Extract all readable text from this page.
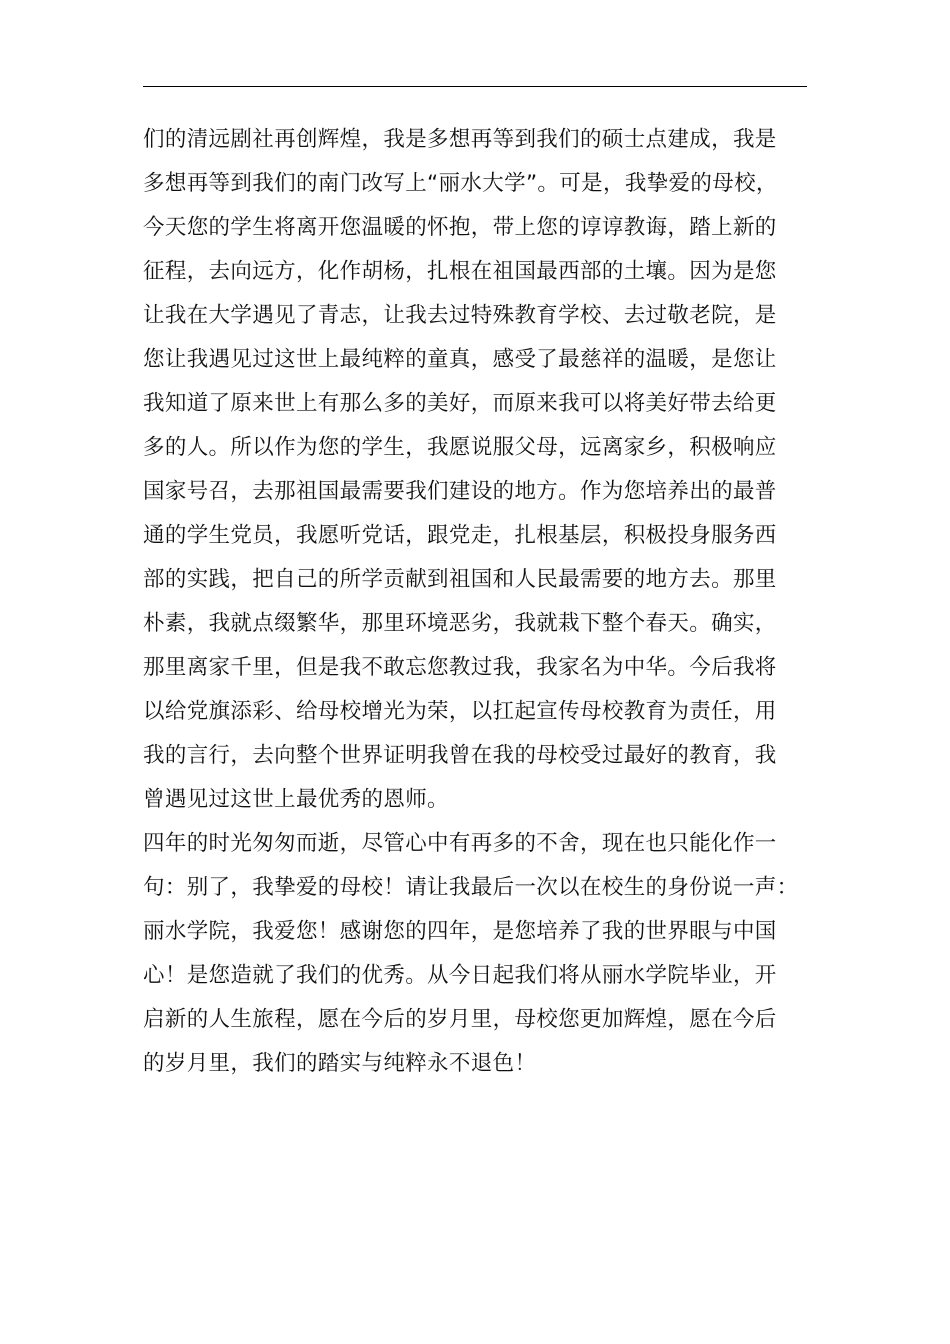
们的清远剧社再创辉煌，我是多想再等到我们的硕士点建成，我是
多想再等到我们的南门改写上“丽水大学”。可是，我挚爱的母校，
今天您的学生将离开您温暖的怀抱，带上您的谆谆教诲，踏上新的
征程，去向远方，化作胡杨，扎根在祖国最西部的土壤。因为是您
让我在大学遇见了青志，让我去过特殊教育学校、去过敬老院，是
您让我遇见过这世上最纯粹的童真，感受了最慈祥的温暖，是您让
我知道了原来世上有那么多的美好，而原来我可以将美好带去给更
多的人。所以作为您的学生，我愿说服父母，远离家乡，积极响应
国家号召，去那祖国最需要我们建设的地方。作为您培养出的最普
通的学生党员，我愿听党话，跟党走，扎根基层，积极投身服务西
部的实践，把自己的所学贡献到祖国和人民最需要的地方去。那里
朴素，我就点缀繁华，那里环境恶劣，我就栽下整个春天。确实，
那里离家千里，但是我不敢忘您教过我，我家名为中华。今后我将
以给党旗添彩、给母校增光为荣，以扛起宣传母校教育为责任，用
我的言行，去向整个世界证明我曾在我的母校受过最好的教育，我
曾遇见过这世上最优秀的恩师。
四年的时光匆匆而逝，尽管心中有再多的不舍，现在也只能化作一
句：别了，我挚爱的母校！请让我最后一次以在校生的身份说一声：
丽水学院，我爱您！感谢您的四年，是您培养了我的世界眼与中国
心！是您造就了我们的优秀。从今日起我们将从丽水学院毕业，开
启新的人生旅程，愿在今后的岁月里，母校您更加辉煌，愿在今后
的岁月里，我们的踏实与纯粹永不退色！
